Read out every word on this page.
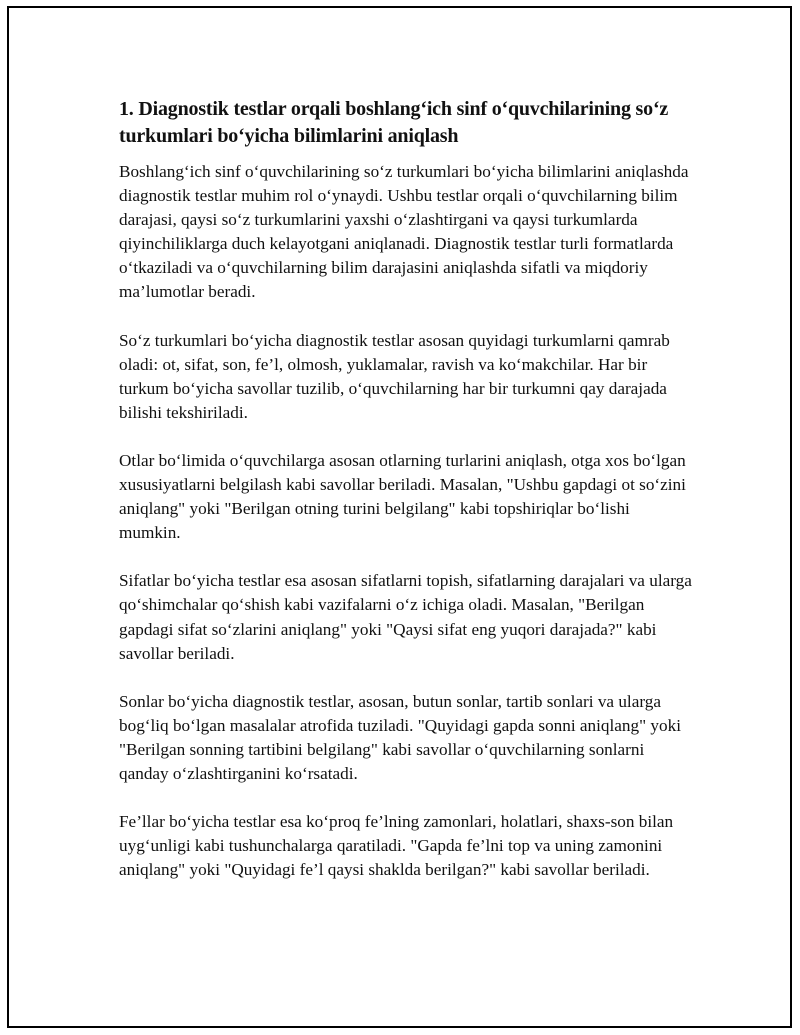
1. Diagnostik testlar orqali boshlang‘ich sinf o‘quvchilarining so‘z turkumlari bo‘yicha bilimlarini aniqlash

Boshlang‘ich sinf o‘quvchilarining so‘z turkumlari bo‘yicha bilimlarini aniqlashda diagnostik testlar muhim rol o‘ynaydi. Ushbu testlar orqali o‘quvchilarning bilim darajasi, qaysi so‘z turkumlarini yaxshi o‘zlashtirgani va qaysi turkumlarda qiyinchiliklarga duch kelayotgani aniqlanadi. Diagnostik testlar turli formatlarda o‘tkaziladi va o‘quvchilarning bilim darajasini aniqlashda sifatli va miqdoriy ma’lumotlar beradi.

So‘z turkumlari bo‘yicha diagnostik testlar asosan quyidagi turkumlarni qamrab oladi: ot, sifat, son, fe’l, olmosh, yuklamalar, ravish va ko‘makchilar. Har bir turkum bo‘yicha savollar tuzilib, o‘quvchilarning har bir turkumni qay darajada bilishi tekshiriladi.

Otlar bo‘limida o‘quvchilarga asosan otlarning turlarini aniqlash, otga xos bo‘lgan xususiyatlarni belgilash kabi savollar beriladi. Masalan, "Ushbu gapdagi ot so‘zini aniqlang" yoki "Berilgan otning turini belgilang" kabi topshiriqlar bo‘lishi mumkin.

Sifatlar bo‘yicha testlar esa asosan sifatlarni topish, sifatlarning darajalari va ularga qo‘shimchalar qo‘shish kabi vazifalarni o‘z ichiga oladi. Masalan, "Berilgan gapdagi sifat so‘zlarini aniqlang" yoki "Qaysi sifat eng yuqori darajada?" kabi savollar beriladi.

Sonlar bo‘yicha diagnostik testlar, asosan, butun sonlar, tartib sonlari va ularga bog‘liq bo‘lgan masalalar atrofida tuziladi. "Quyidagi gapda sonni aniqlang" yoki "Berilgan sonning tartibini belgilang" kabi savollar o‘quvchilarning sonlarni qanday o‘zlashtirganini ko‘rsatadi.

Fe’llar bo‘yicha testlar esa ko‘proq fe’lning zamonlari, holatlari, shaxs-son bilan uyg‘unligi kabi tushunchalarga qaratiladi. "Gapda fe’lni top va uning zamonini aniqlang" yoki "Quyidagi fe’l qaysi shaklda berilgan?" kabi savollar beriladi.
